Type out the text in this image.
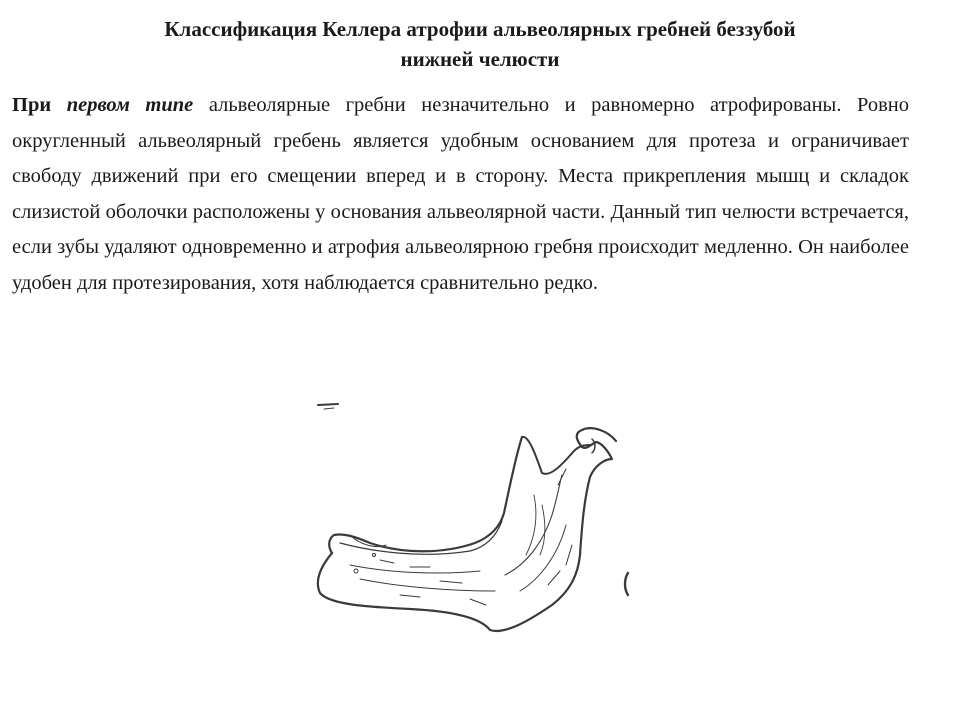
Классификация Келлера атрофии альвеолярных гребней беззубой
нижней челюсти

При первом типе альвеолярные гребни незначительно и равномерно атрофированы. Ровно округленный альвеолярный гребень является удобным основанием для протеза и ограничивает свободу движений при его смещении вперед и в сторону. Места прикрепления мышц и складок слизистой оболочки расположены у основания альвеолярной части. Данный тип челюсти встречается, если зубы удаляют одновременно и атрофия альвеолярною гребня происходит медленно. Он наиболее удобен для протезирования, хотя наблюдается сравнительно редко.
